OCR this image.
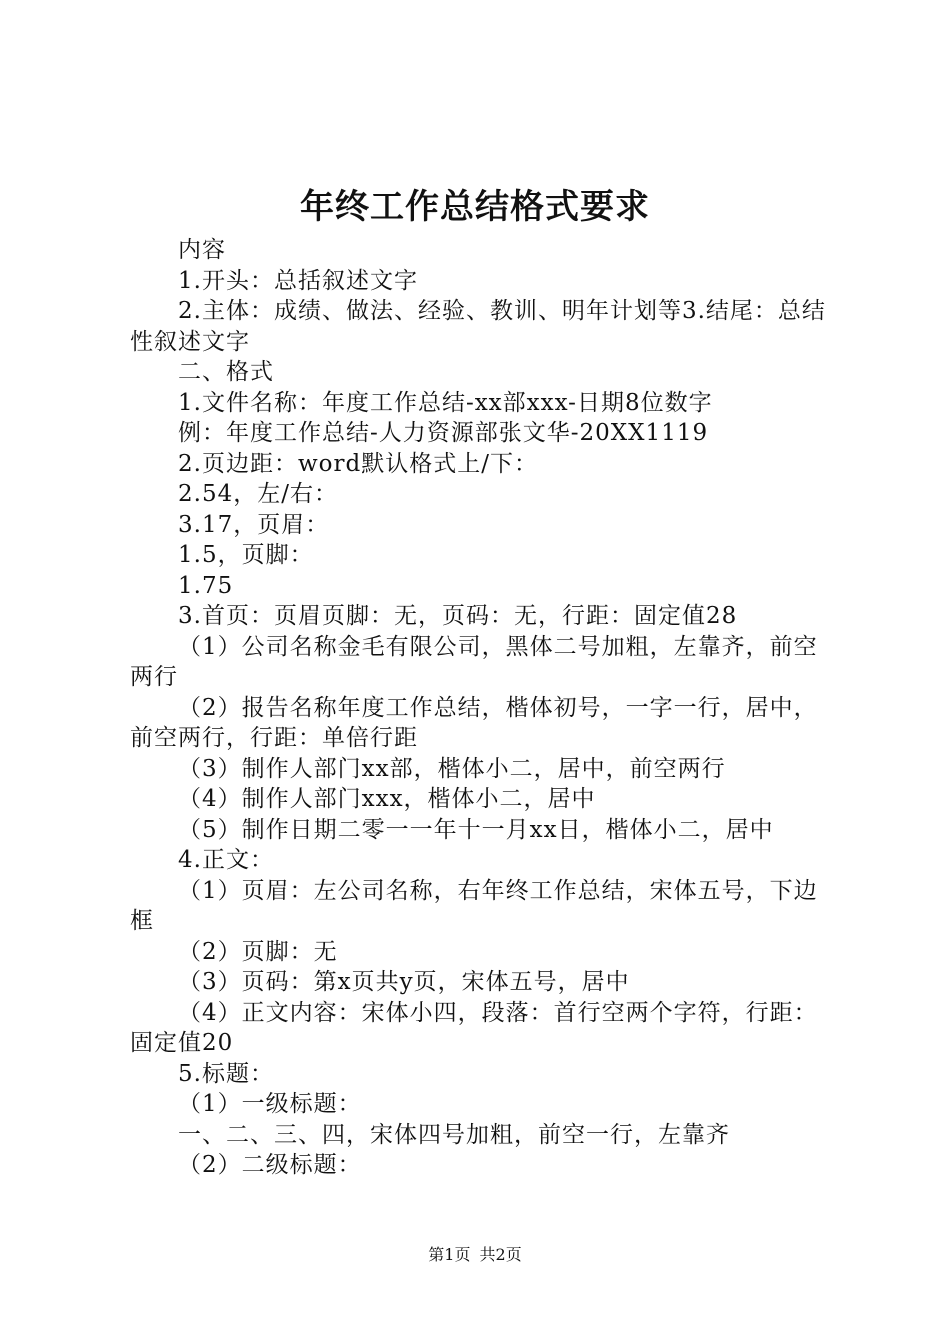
年终工作总结格式要求

内容

1.开头：总括叙述文字

2.主体：成绩、做法、经验、教训、明年计划等3.结尾：总结性叙述文字

二、格式

1.文件名称：年度工作总结-xx部xxx-日期8位数字

例：年度工作总结-人力资源部张文华-20XX1119

2.页边距：word默认格式上/下：

2.54，左/右：

3.17，页眉：

1.5，页脚：

1.75

3.首页：页眉页脚：无，页码：无，行距：固定值28

（1）公司名称金毛有限公司，黑体二号加粗，左靠齐，前空两行

（2）报告名称年度工作总结，楷体初号，一字一行，居中，前空两行，行距：单倍行距

（3）制作人部门xx部，楷体小二，居中，前空两行

（4）制作人部门xxx，楷体小二，居中

（5）制作日期二零一一年十一月xx日，楷体小二，居中

4.正文：

（1）页眉：左公司名称，右年终工作总结，宋体五号，下边框

（2）页脚：无

（3）页码：第x页共y页，宋体五号，居中

（4）正文内容：宋体小四，段落：首行空两个字符，行距：固定值20

5.标题：

（1）一级标题：

一、二、三、四，宋体四号加粗，前空一行，左靠齐

（2）二级标题：

第1页 共2页
